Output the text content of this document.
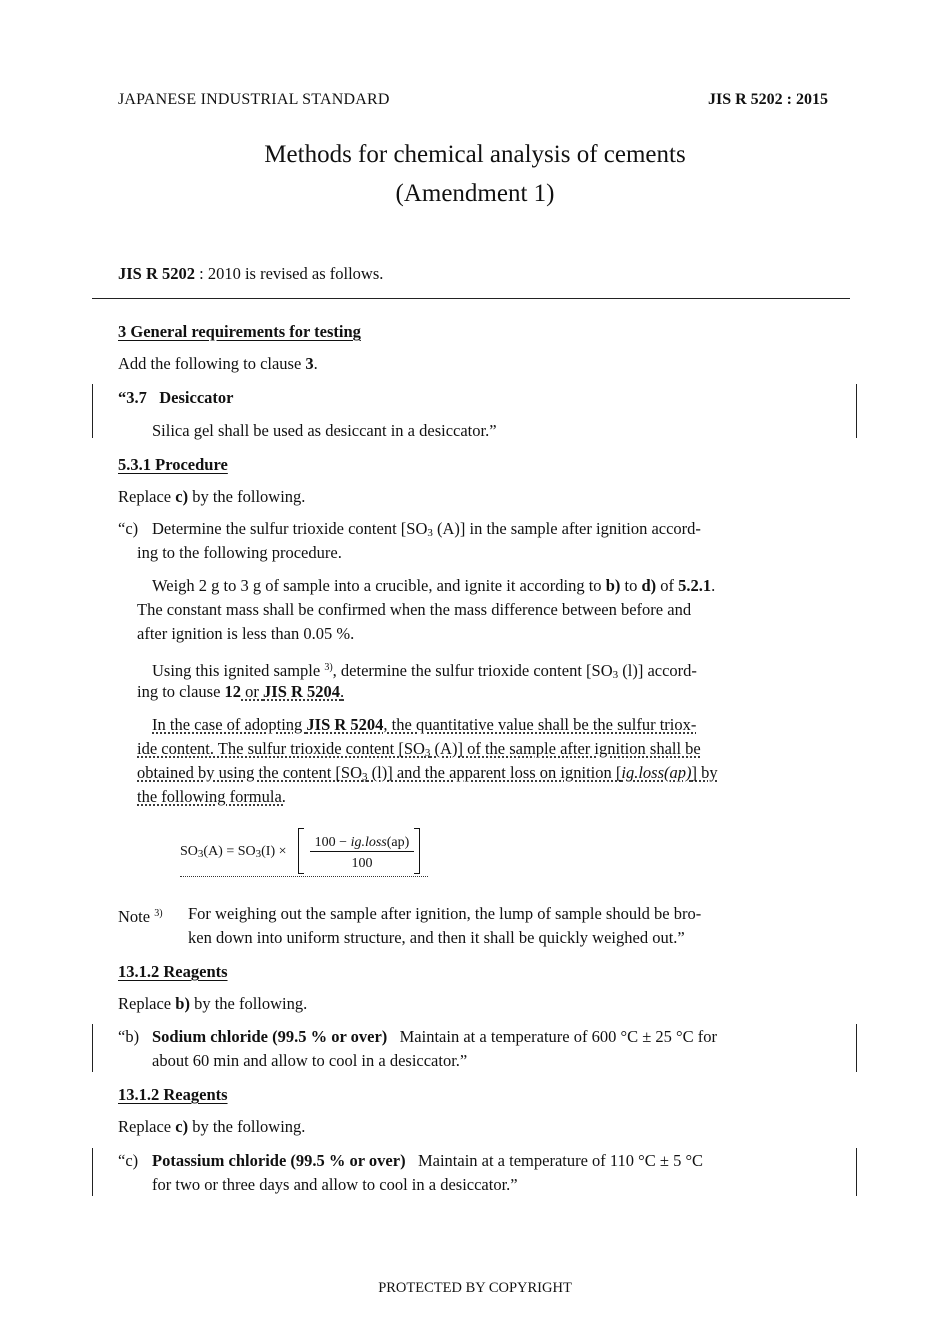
JAPANESE INDUSTRIAL STANDARD	JIS R 5202 : 2015
Methods for chemical analysis of cements
(Amendment 1)
JIS R 5202 : 2010 is revised as follows.
3 General requirements for testing
Add the following to clause 3.
“3.7 Desiccator
Silica gel shall be used as desiccant in a desiccator.”
5.3.1 Procedure
Replace c) by the following.
“c) Determine the sulfur trioxide content [SO3 (A)] in the sample after ignition accord-
ing to the following procedure.
Weigh 2 g to 3 g of sample into a crucible, and ignite it according to b) to d) of 5.2.1.
The constant mass shall be confirmed when the mass difference between before and
after ignition is less than 0.05 %.
Using this ignited sample $^{3)}$, determine the sulfur trioxide content [SO3 (l)] accord-
ing to clause 12 or JIS R 5204.
In the case of adopting JIS R 5204, the quantitative value shall be the sulfur triox-
ide content. The sulfur trioxide content [SO3 (A)] of the sample after ignition shall be
obtained by using the content [SO3 (l)] and the apparent loss on ignition [ig.loss(ap)] by
the following formula.
SO3(A) = SO3(I) ×
100 − ig.loss(ap)
100
Note $^{3)}$ For weighing out the sample after ignition, the lump of sample should be bro-
ken down into uniform structure, and then it shall be quickly weighed out.”
13.1.2 Reagents
Replace b) by the following.
“b) Sodium chloride (99.5 % or over) Maintain at a temperature of 600 °C ± 25 °C for
about 60 min and allow to cool in a desiccator.”
13.1.2 Reagents
Replace c) by the following.
“c) Potassium chloride (99.5 % or over) Maintain at a temperature of 110 °C ± 5 °C
for two or three days and allow to cool in a desiccator.”
PROTECTED BY COPYRIGHT
